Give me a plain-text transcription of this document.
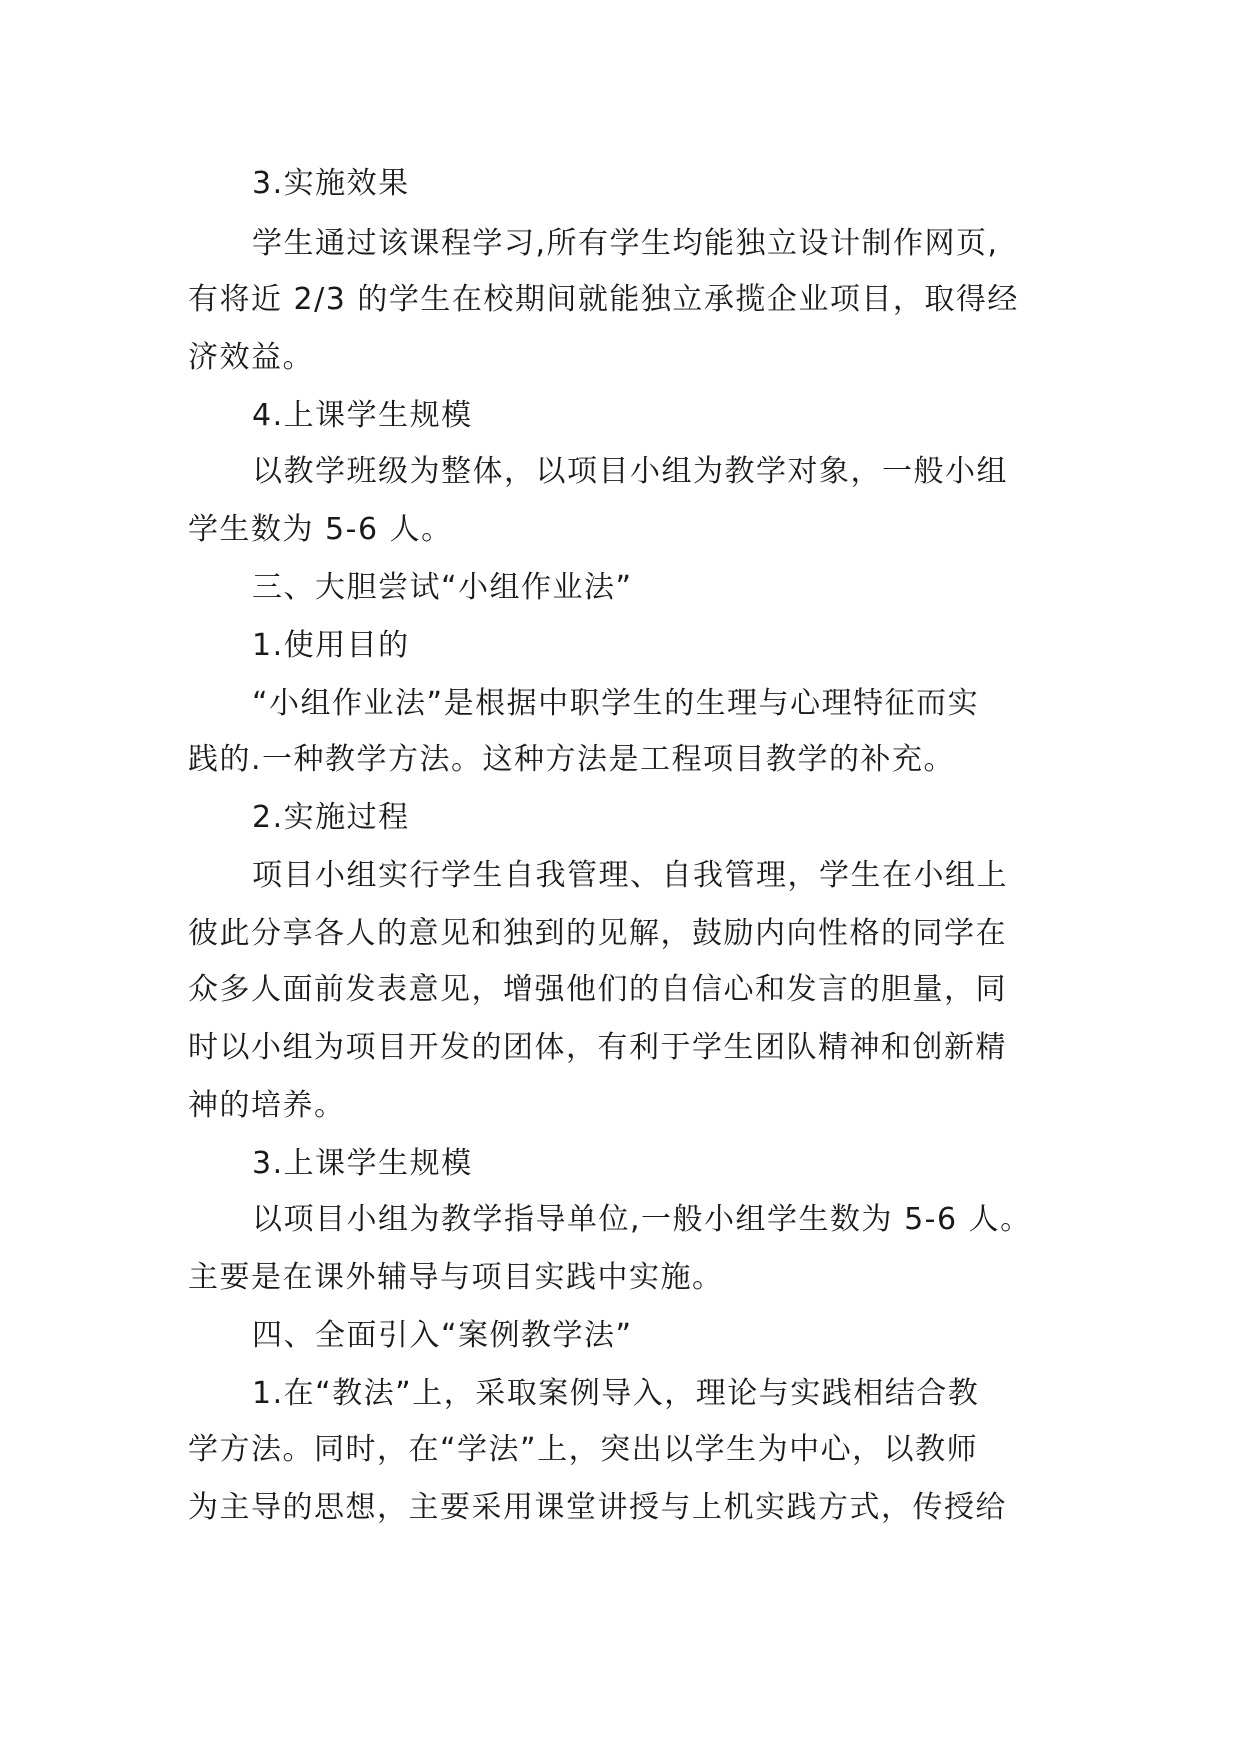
3.实施效果
学生通过该课程学习,所有学生均能独立设计制作网页,
有将近 2/3 的学生在校期间就能独立承揽企业项目，取得经
济效益。
4.上课学生规模
以教学班级为整体，以项目小组为教学对象，一般小组
学生数为 5-6 人。
三、大胆尝试“小组作业法”
1.使用目的
“小组作业法”是根据中职学生的生理与心理特征而实
践的.一种教学方法。这种方法是工程项目教学的补充。
2.实施过程
项目小组实行学生自我管理、自我管理，学生在小组上
彼此分享各人的意见和独到的见解，鼓励内向性格的同学在
众多人面前发表意见，增强他们的自信心和发言的胆量，同
时以小组为项目开发的团体，有利于学生团队精神和创新精
神的培养。
3.上课学生规模
以项目小组为教学指导单位,一般小组学生数为 5-6 人。
主要是在课外辅导与项目实践中实施。
四、全面引入“案例教学法”
1.在“教法”上，采取案例导入，理论与实践相结合教
学方法。同时，在“学法”上，突出以学生为中心，以教师
为主导的思想，主要采用课堂讲授与上机实践方式，传授给
